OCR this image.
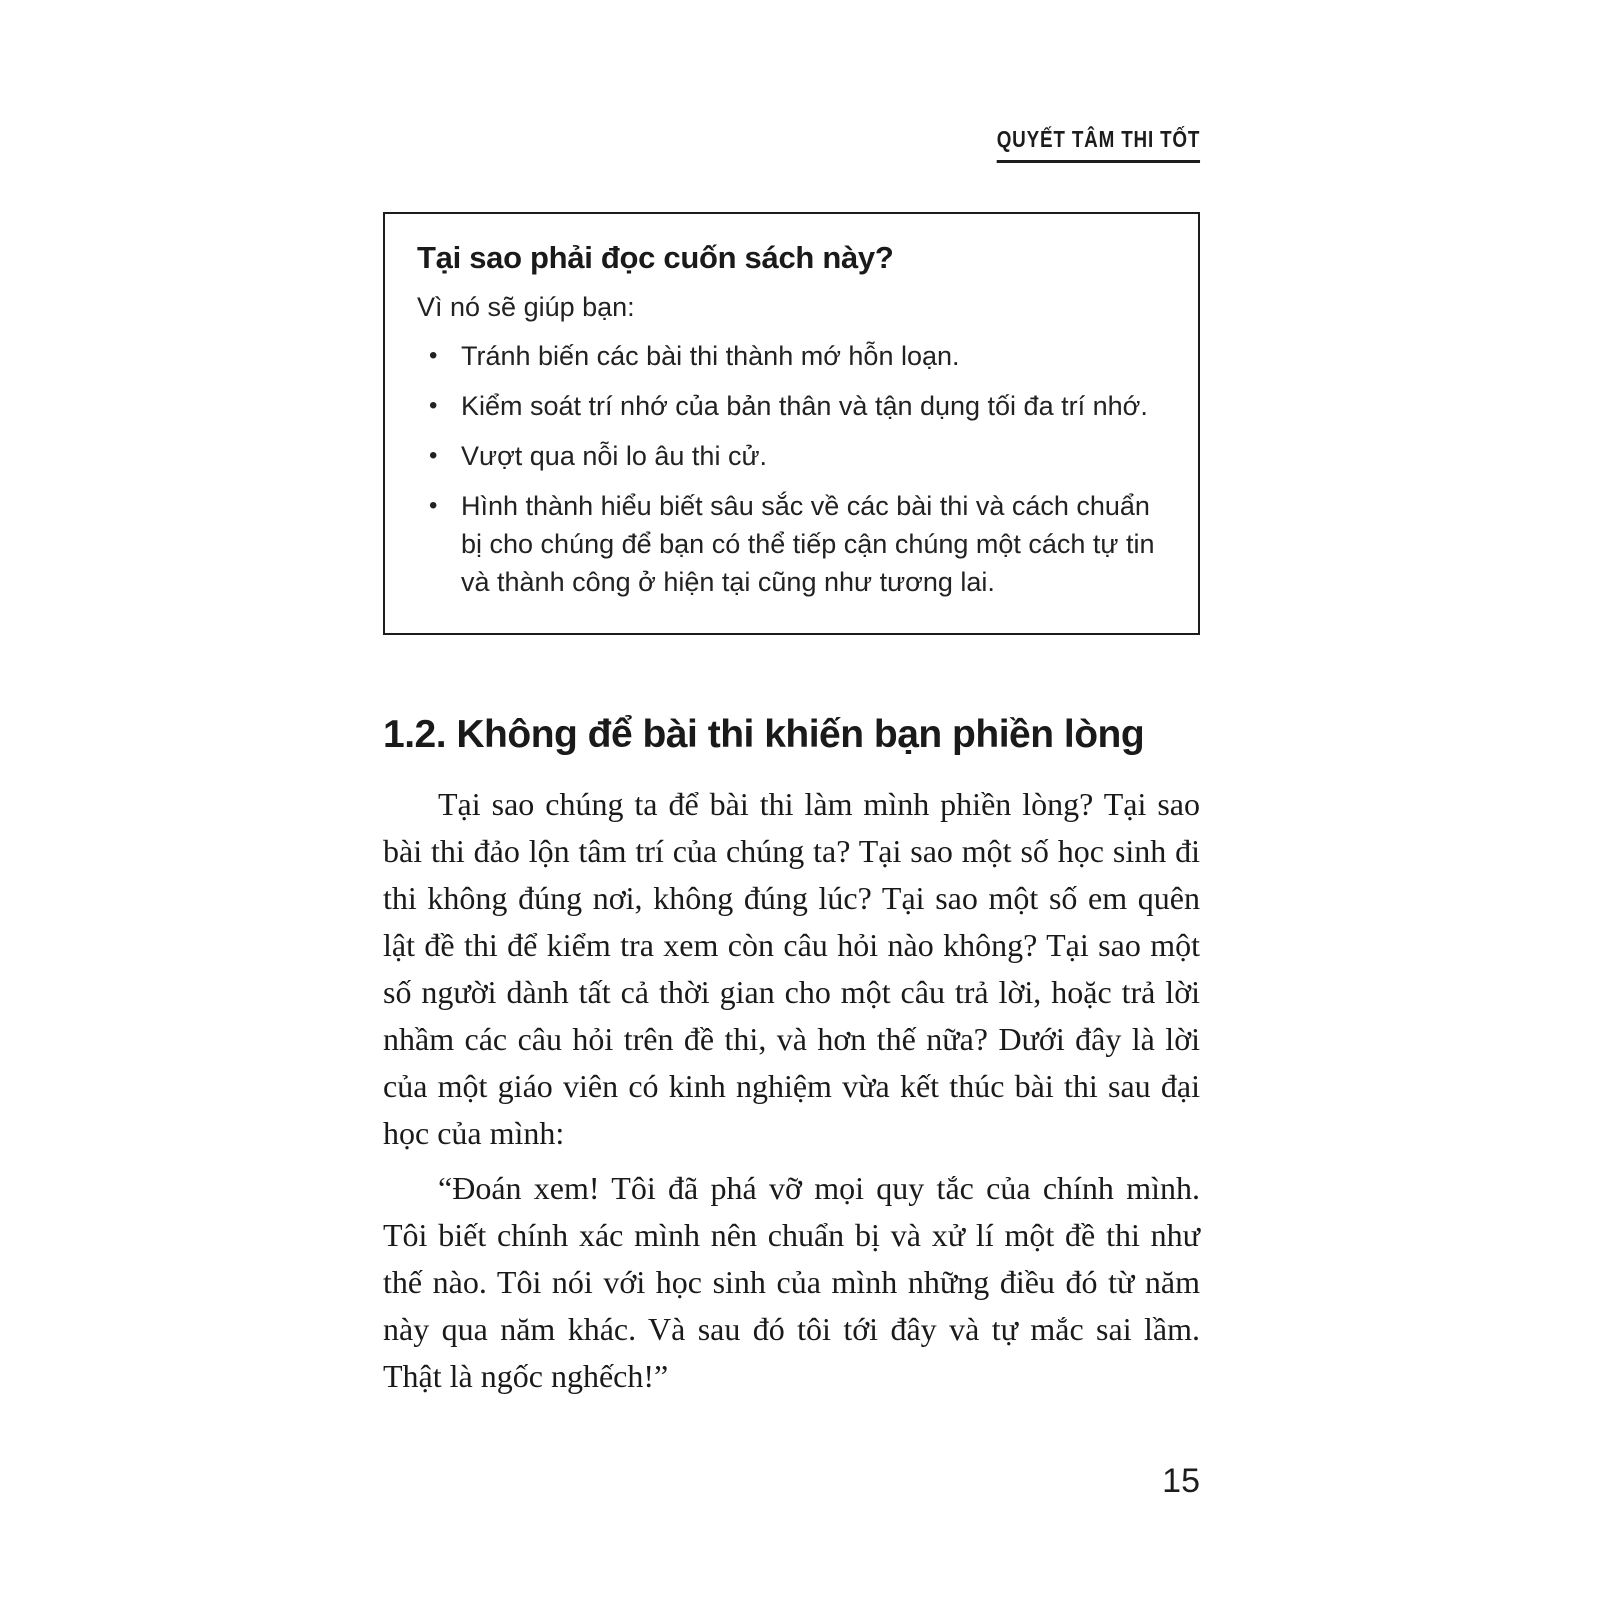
QUYẾT TÂM THI TỐT
Tại sao phải đọc cuốn sách này?
Vì nó sẽ giúp bạn:
• Tránh biến các bài thi thành mớ hỗn loạn.
• Kiểm soát trí nhớ của bản thân và tận dụng tối đa trí nhớ.
• Vượt qua nỗi lo âu thi cử.
• Hình thành hiểu biết sâu sắc về các bài thi và cách chuẩn bị cho chúng để bạn có thể tiếp cận chúng một cách tự tin và thành công ở hiện tại cũng như tương lai.
1.2. Không để bài thi khiến bạn phiền lòng

Tại sao chúng ta để bài thi làm mình phiền lòng? Tại sao bài thi đảo lộn tâm trí của chúng ta? Tại sao một số học sinh đi thi không đúng nơi, không đúng lúc? Tại sao một số em quên lật đề thi để kiểm tra xem còn câu hỏi nào không? Tại sao một số người dành tất cả thời gian cho một câu trả lời, hoặc trả lời nhầm các câu hỏi trên đề thi, và hơn thế nữa? Dưới đây là lời của một giáo viên có kinh nghiệm vừa kết thúc bài thi sau đại học của mình:

“Đoán xem! Tôi đã phá vỡ mọi quy tắc của chính mình. Tôi biết chính xác mình nên chuẩn bị và xử lí một đề thi như thế nào. Tôi nói với học sinh của mình những điều đó từ năm này qua năm khác. Và sau đó tôi tới đây và tự mắc sai lầm. Thật là ngốc nghếch!”

15
